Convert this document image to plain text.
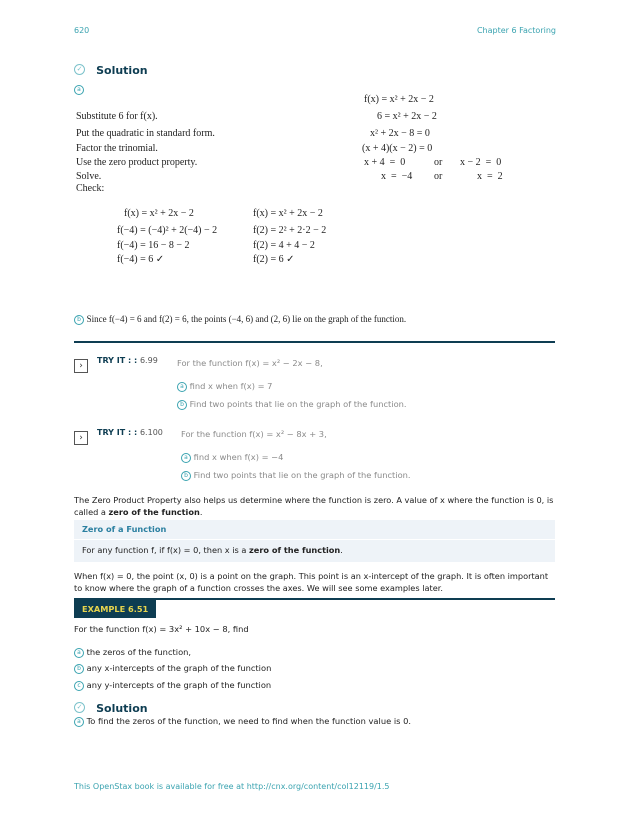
620	Chapter 6 Factoring
✓ Solution
a
f(x) = x² + 2x − 2
Substitute 6 for f(x).	6 = x² + 2x − 2
Put the quadratic in standard form.	x² + 2x − 8 = 0
Factor the trinomial.	(x + 4)(x − 2) = 0
Use the zero product property.	x + 4  =  0	or x − 2  =  0
Solve.	x  =  −4 or	x  =  2
Check:
f(x) = x² + 2x − 2
f(−4) = (−4)² + 2(−4) − 2
f(−4) = 16 − 8 − 2
f(−4) = 6 ✓
f(x) = x² + 2x − 2
f(2) = 2² + 2·2 − 2
f(2) = 4 + 4 − 2
f(2) = 6 ✓
b Since f(−4) = 6 and f(2) = 6, the points (−4, 6) and (2, 6) lie on the graph of the function.
›
TRY IT : : 6.99 For the function f(x) = x² − 2x − 8,
a find x when f(x) = 7
b Find two points that lie on the graph of the function.
›
TRY IT : : 6.100 For the function f(x) = x² − 8x + 3,
a find x when f(x) = −4
b Find two points that lie on the graph of the function.
The Zero Product Property also helps us determine where the function is zero. A value of x where the function is 0, is called a zero of the function.
Zero of a Function
For any function f, if f(x) = 0, then x is a zero of the function.
When f(x) = 0, the point (x, 0) is a point on the graph. This point is an x-intercept of the graph. It is often important to know where the graph of a function crosses the axes. We will see some examples later.
EXAMPLE 6.51
For the function f(x) = 3x² + 10x − 8, find
a the zeros of the function,
b any x-intercepts of the graph of the function
c any y-intercepts of the graph of the function
✓ Solution
a To find the zeros of the function, we need to find when the function value is 0.
This OpenStax book is available for free at http://cnx.org/content/col12119/1.5
